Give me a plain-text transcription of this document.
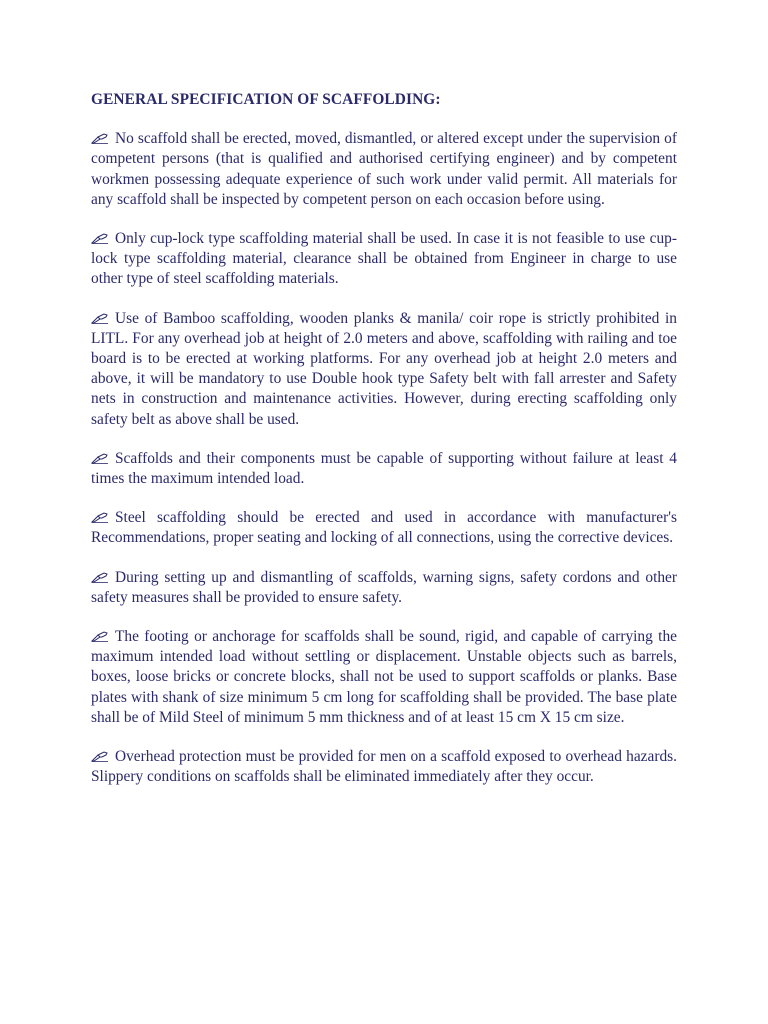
GENERAL SPECIFICATION OF SCAFFOLDING:
No scaffold shall be erected, moved, dismantled, or altered except under the supervision of competent persons (that is qualified and authorised certifying engineer) and by competent workmen possessing adequate experience of such work under valid permit. All materials for any scaffold shall be inspected by competent person on each occasion before using.
Only cup-lock type scaffolding material shall be used. In case it is not feasible to use cup-lock type scaffolding material, clearance shall be obtained from Engineer in charge to use other type of steel scaffolding materials.
Use of Bamboo scaffolding, wooden planks & manila/ coir rope is strictly prohibited in LITL. For any overhead job at height of 2.0 meters and above, scaffolding with railing and toe board is to be erected at working platforms. For any overhead job at height 2.0 meters and above, it will be mandatory to use Double hook type Safety belt with fall arrester and Safety nets in construction and maintenance activities. However, during erecting scaffolding only safety belt as above shall be used.
Scaffolds and their components must be capable of supporting without failure at least 4 times the maximum intended load.
Steel scaffolding should be erected and used in accordance with manufacturer's Recommendations, proper seating and locking of all connections, using the corrective devices.
During setting up and dismantling of scaffolds, warning signs, safety cordons and other safety measures shall be provided to ensure safety.
The footing or anchorage for scaffolds shall be sound, rigid, and capable of carrying the maximum intended load without settling or displacement. Unstable objects such as barrels, boxes, loose bricks or concrete blocks, shall not be used to support scaffolds or planks. Base plates with shank of size minimum 5 cm long for scaffolding shall be provided. The base plate shall be of Mild Steel of minimum 5 mm thickness and of at least 15 cm X 15 cm size.
Overhead protection must be provided for men on a scaffold exposed to overhead hazards. Slippery conditions on scaffolds shall be eliminated immediately after they occur.
